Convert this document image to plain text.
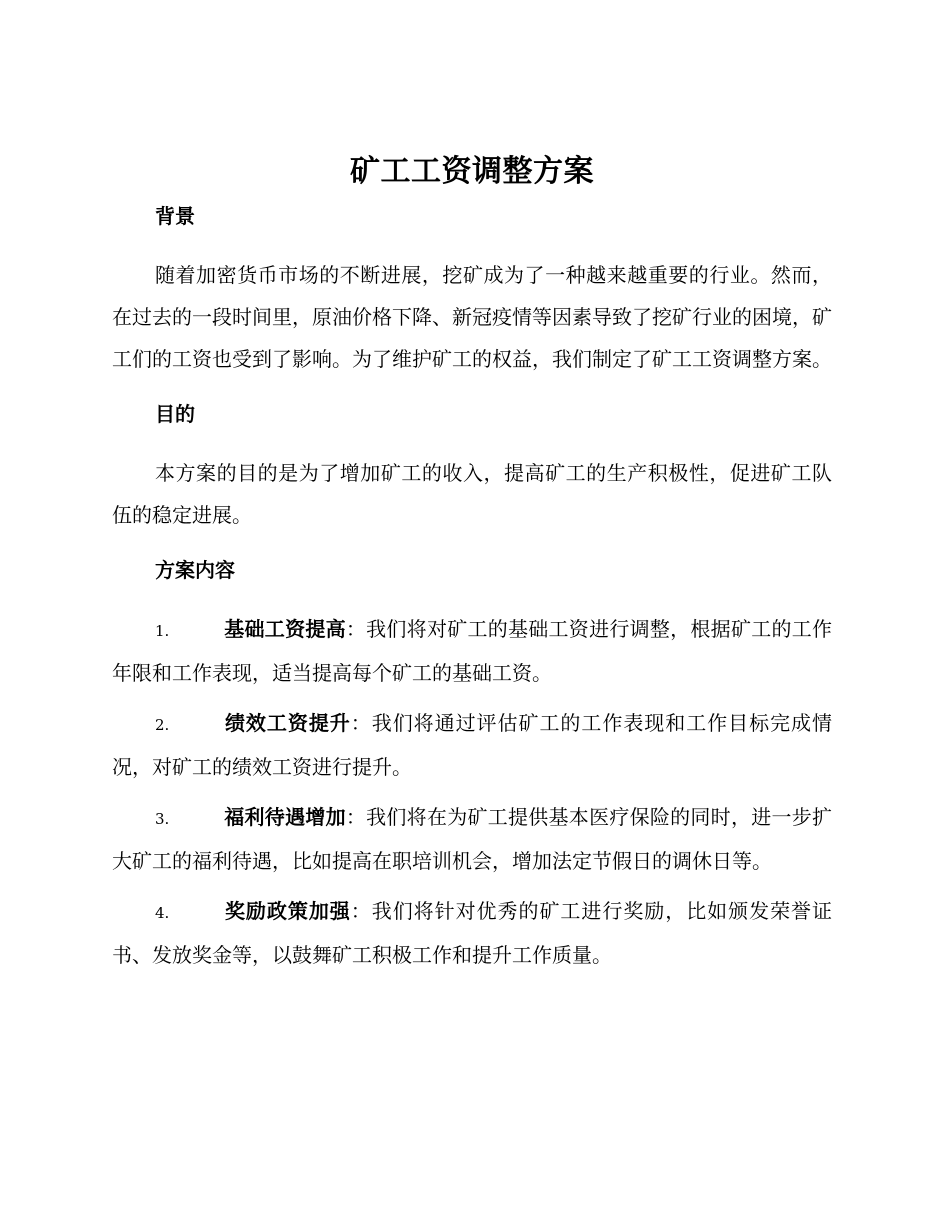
矿工工资调整方案
背景

随着加密货币市场的不断进展，挖矿成为了一种越来越重要的行业。然而，在过去的一段时间里，原油价格下降、新冠疫情等因素导致了挖矿行业的困境，矿工们的工资也受到了影响。为了维护矿工的权益，我们制定了矿工工资调整方案。

目的

本方案的目的是为了增加矿工的收入，提高矿工的生产积极性，促进矿工队伍的稳定进展。

方案内容

1.	基础工资提高：我们将对矿工的基础工资进行调整，根据矿工的工作年限和工作表现，适当提高每个矿工的基础工资。

2.	绩效工资提升：我们将通过评估矿工的工作表现和工作目标完成情况，对矿工的绩效工资进行提升。

3.	福利待遇增加：我们将在为矿工提供基本医疗保险的同时，进一步扩大矿工的福利待遇，比如提高在职培训机会，增加法定节假日的调休日等。

4.	奖励政策加强：我们将针对优秀的矿工进行奖励，比如颁发荣誉证书、发放奖金等，以鼓舞矿工积极工作和提升工作质量。
